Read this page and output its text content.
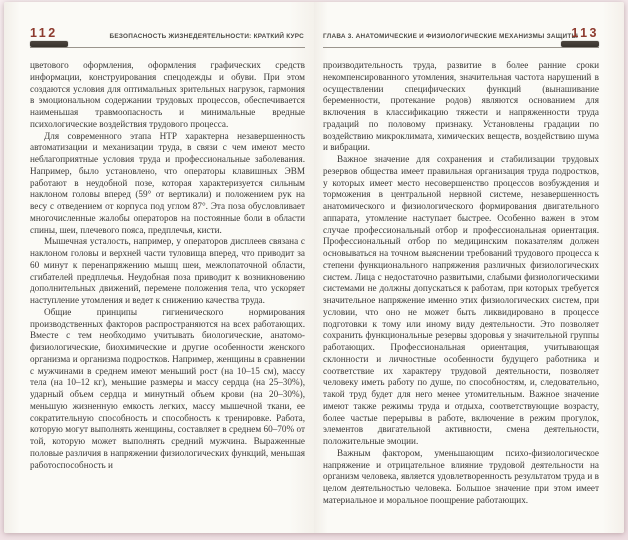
112	БЕЗОПАСНОСТЬ ЖИЗНЕДЕЯТЕЛЬНОСТИ: КРАТКИЙ КУРС

цветового оформления, оформления графических средств информации, конструирования спецодежды и обуви. При этом создаются условия для оптимальных зрительных нагрузок, гармония в эмоциональном содержании трудовых процессов, обеспечивается наименьшая травмоопасность и минимальные вредные психологические воздействия трудового процесса.

Для современного этапа НТР характерна незавершенность автоматизации и механизации труда, в связи с чем имеют место неблагоприятные условия труда и профессиональные заболевания. Например, было установлено, что операторы клавишных ЭВМ работают в неудобной позе, которая характеризуется сильным наклоном головы вперед (59° от вертикали) и положением рук на весу с отведением от корпуса под углом 87°. Эта поза обусловливает многочисленные жалобы операторов на постоянные боли в области спины, шеи, плечевого пояса, предплечья, кисти.

Мышечная усталость, например, у операторов дисплеев связана с наклоном головы и верхней части туловища вперед, что приводит за 60 минут к перенапряжению мышц шеи, межлопаточной области, сгибателей предплечья. Неудобная поза приводит к возникновению дополнительных движений, перемене положения тела, что ускоряет наступление утомления и ведет к снижению качества труда.

Общие принципы гигиенического нормирования производственных факторов распространяются на всех работающих. Вместе с тем необходимо учитывать биологические, анатомо-физиологические, биохимические и другие особенности женского организма и организма подростков. Например, женщины в сравнении с мужчинами в среднем имеют меньший рост (на 10–15 см), массу тела (на 10–12 кг), меньшие размеры и массу сердца (на 25–30%), ударный объем сердца и минутный объем крови (на 20–30%), меньшую жизненную емкость легких, массу мышечной ткани, ее сократительную способность и способность к тренировке. Работа, которую могут выполнять женщины, составляет в среднем 60–70% от той, которую может выполнять средний мужчина. Выраженные половые различия в напряжении физиологических функций, меньшая работоспособность и

ГЛАВА 3. АНАТОМИЧЕСКИЕ И ФИЗИОЛОГИЧЕСКИЕ МЕХАНИЗМЫ ЗАЩИТЫ
113

производительность труда, развитие в более ранние сроки некомпенсированного утомления, значительная частота нарушений в осуществлении специфических функций (вынашивание беременности, протекание родов) являются основанием для включения в классификацию тяжести и напряженности труда градаций по половому признаку. Установлены градации по воздействию микроклимата, химических веществ, воздействию шума и вибрации.

Важное значение для сохранения и стабилизации трудовых резервов общества имеет правильная организация труда подростков, у которых имеет место несовершенство процессов возбуждения и торможения в центральной нервной системе, незавершенность анатомического и физиологического формирования двигательного аппарата, утомление наступает быстрее. Особенно важен в этом случае профессиональный отбор и профессиональная ориентация. Профессиональный отбор по медицинским показателям должен основываться на точном выяснении требований трудового процесса к степени функционального напряжения различных физиологических систем. Лица с недостаточно развитыми, слабыми физиологическими системами не должны допускаться к работам, при которых требуется значительное напряжение именно этих физиологических систем, при условии, что оно не может быть ликвидировано в процессе подготовки к тому или иному виду деятельности. Это позволяет сохранить функциональные резервы здоровья у значительной группы работающих. Профессиональная ориентация, учитывающая склонности и личностные особенности будущего работника и соответствие их характеру трудовой деятельности, позволяет человеку иметь работу по душе, по способностям, и, следовательно, такой труд будет для него менее утомительным. Важное значение имеют также режимы труда и отдыха, соответствующие возрасту, более частые перерывы в работе, включение в режим прогулок, элементов двигательной активности, смена деятельности, положительные эмоции.

Важным фактором, уменьшающим психо-физиологическое напряжение и отрицательное влияние трудовой деятельности на организм человека, является удовлетворенность результатом труда и в целом деятельностью человека. Большое значение при этом имеет материальное и моральное поощрение работающих.
